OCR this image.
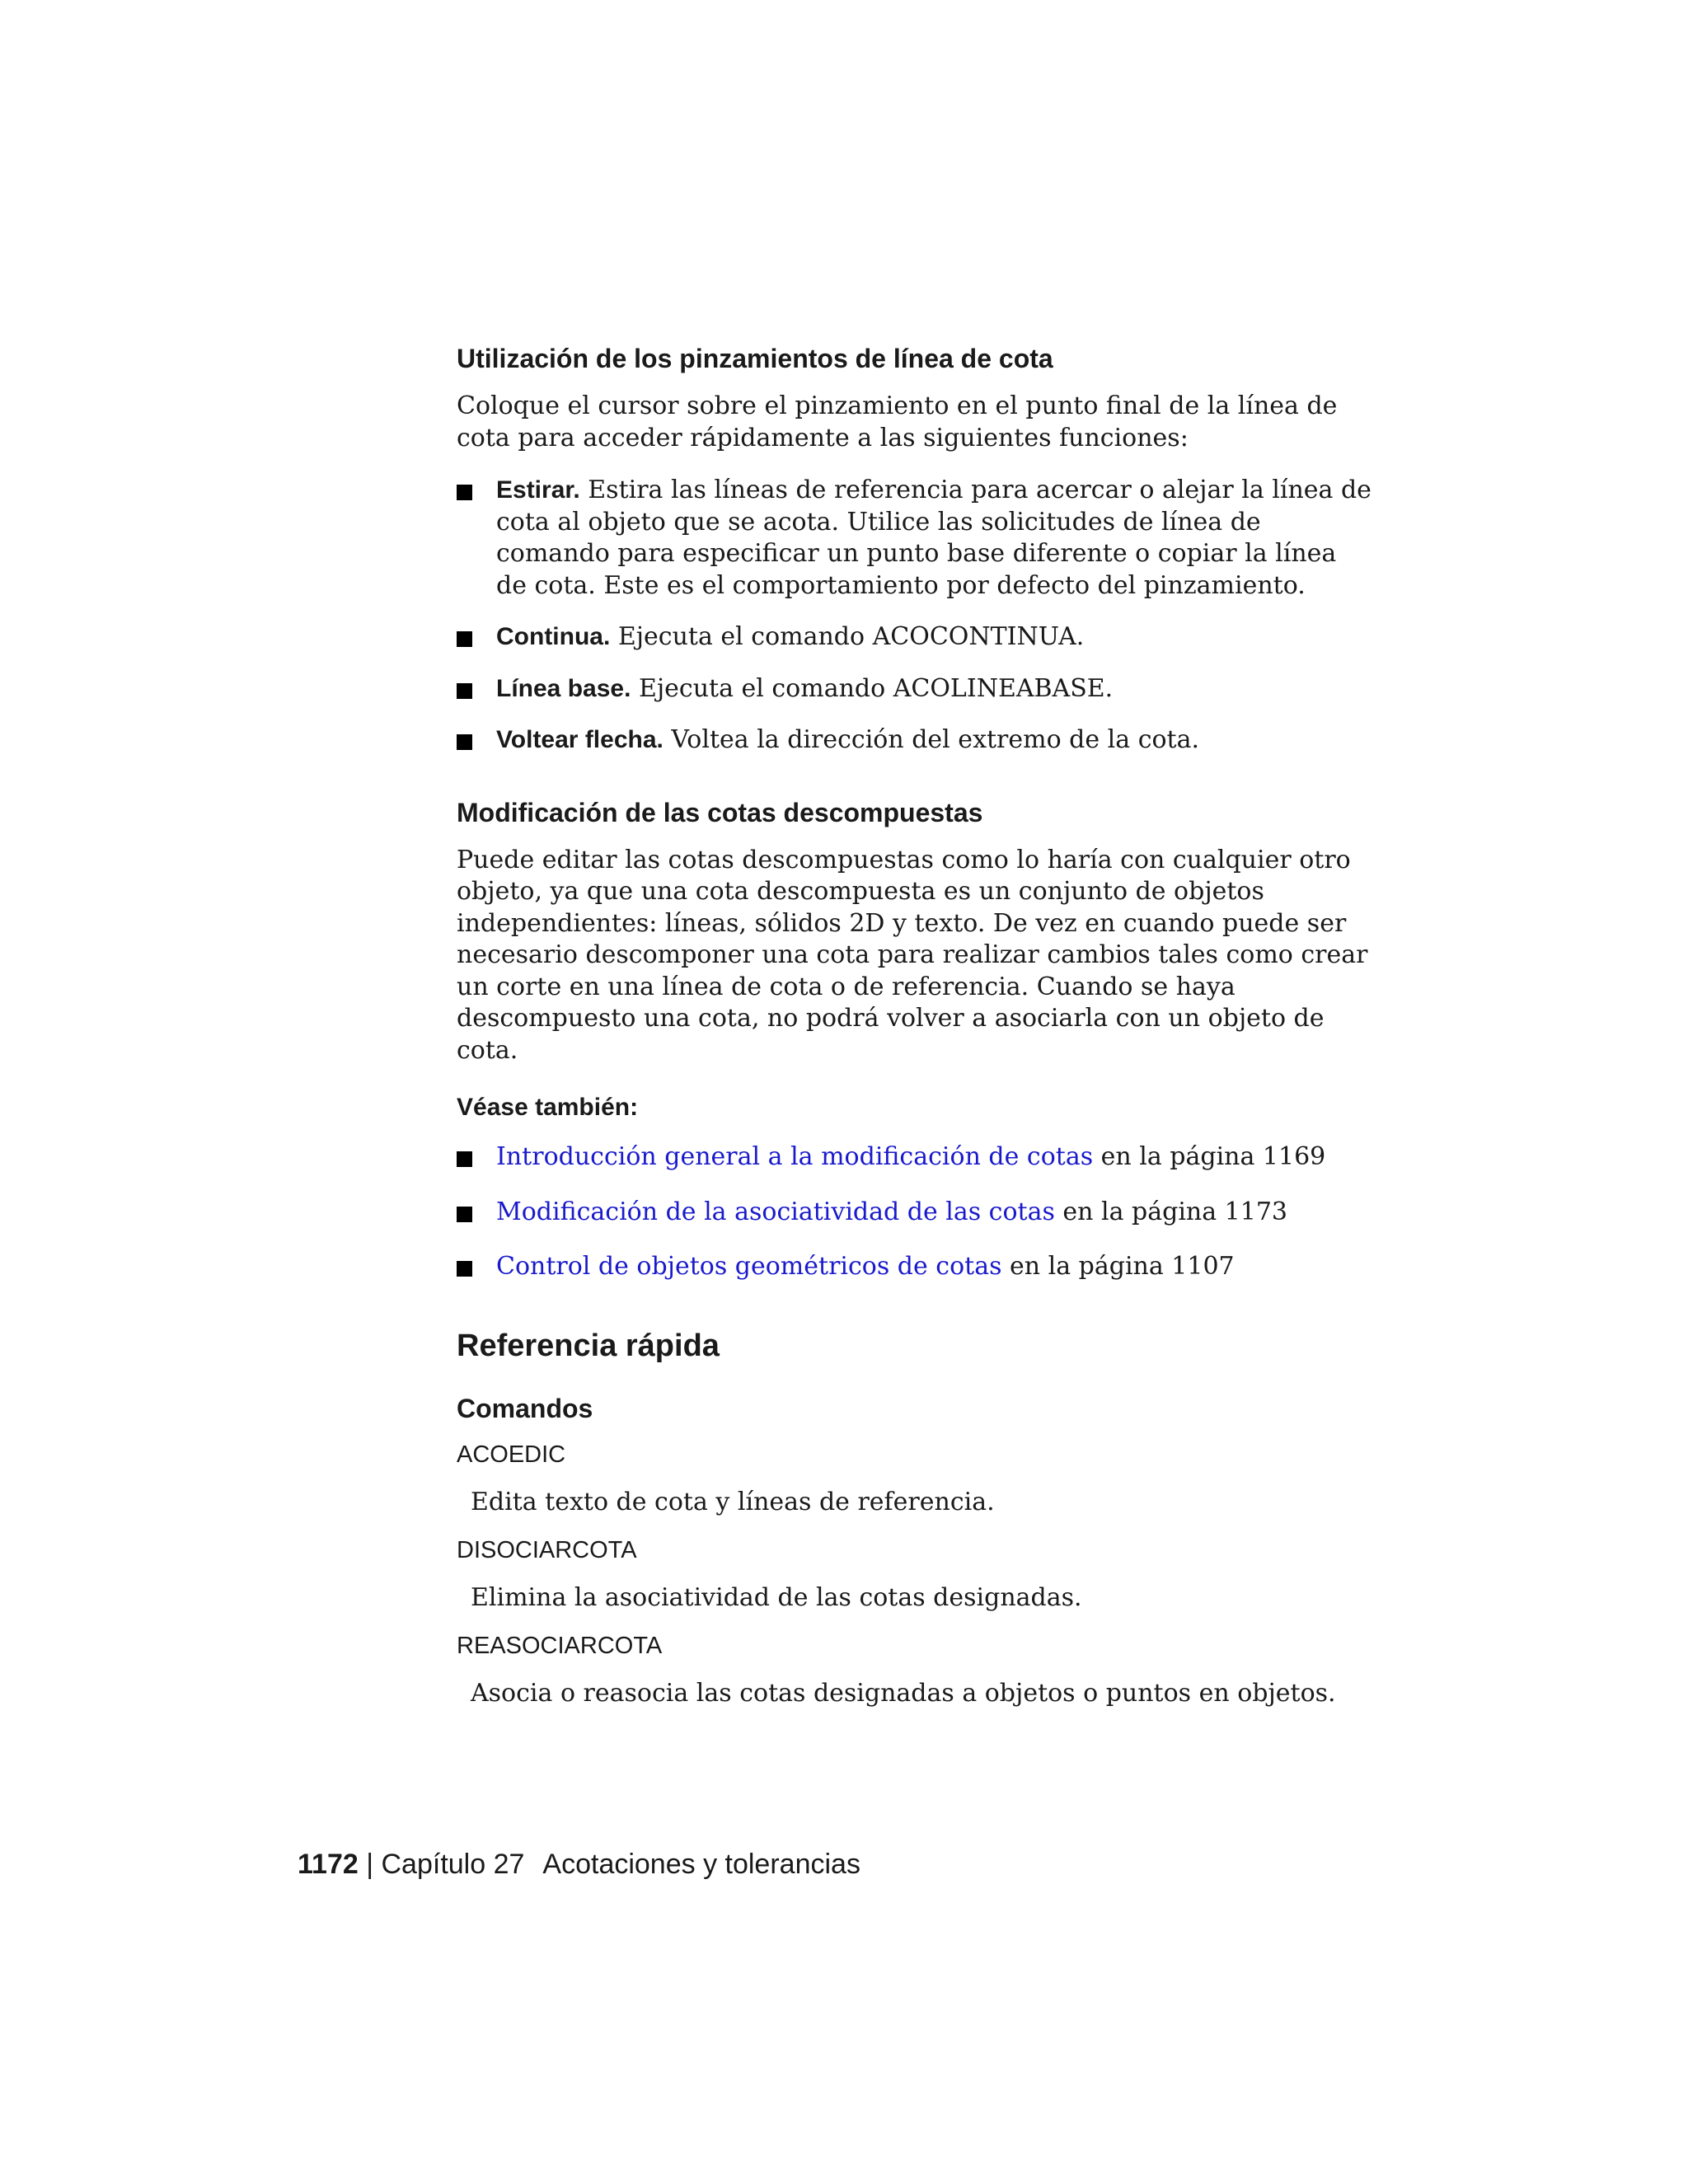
Utilización de los pinzamientos de línea de cota

Coloque el cursor sobre el pinzamiento en el punto final de la línea de cota para acceder rápidamente a las siguientes funciones:

Estirar. Estira las líneas de referencia para acercar o alejar la línea de cota al objeto que se acota. Utilice las solicitudes de línea de comando para especificar un punto base diferente o copiar la línea de cota. Este es el comportamiento por defecto del pinzamiento.
Continua. Ejecuta el comando ACOCONTINUA.
Línea base. Ejecuta el comando ACOLINEABASE.
Voltear flecha. Voltea la dirección del extremo de la cota.
Modificación de las cotas descompuestas

Puede editar las cotas descompuestas como lo haría con cualquier otro objeto, ya que una cota descompuesta es un conjunto de objetos independientes: líneas, sólidos 2D y texto. De vez en cuando puede ser necesario descomponer una cota para realizar cambios tales como crear un corte en una línea de cota o de referencia. Cuando se haya descompuesto una cota, no podrá volver a asociarla con un objeto de cota.

Véase también:
Introducción general a la modificación de cotas en la página 1169
Modificación de la asociatividad de las cotas en la página 1173
Control de objetos geométricos de cotas en la página 1107
Referencia rápida
Comandos

ACOEDIC

Edita texto de cota y líneas de referencia.

DISOCIARCOTA

Elimina la asociatividad de las cotas designadas.

REASOCIARCOTA

Asocia o reasocia las cotas designadas a objetos o puntos en objetos.

1172 | Capítulo 27 Acotaciones y tolerancias
